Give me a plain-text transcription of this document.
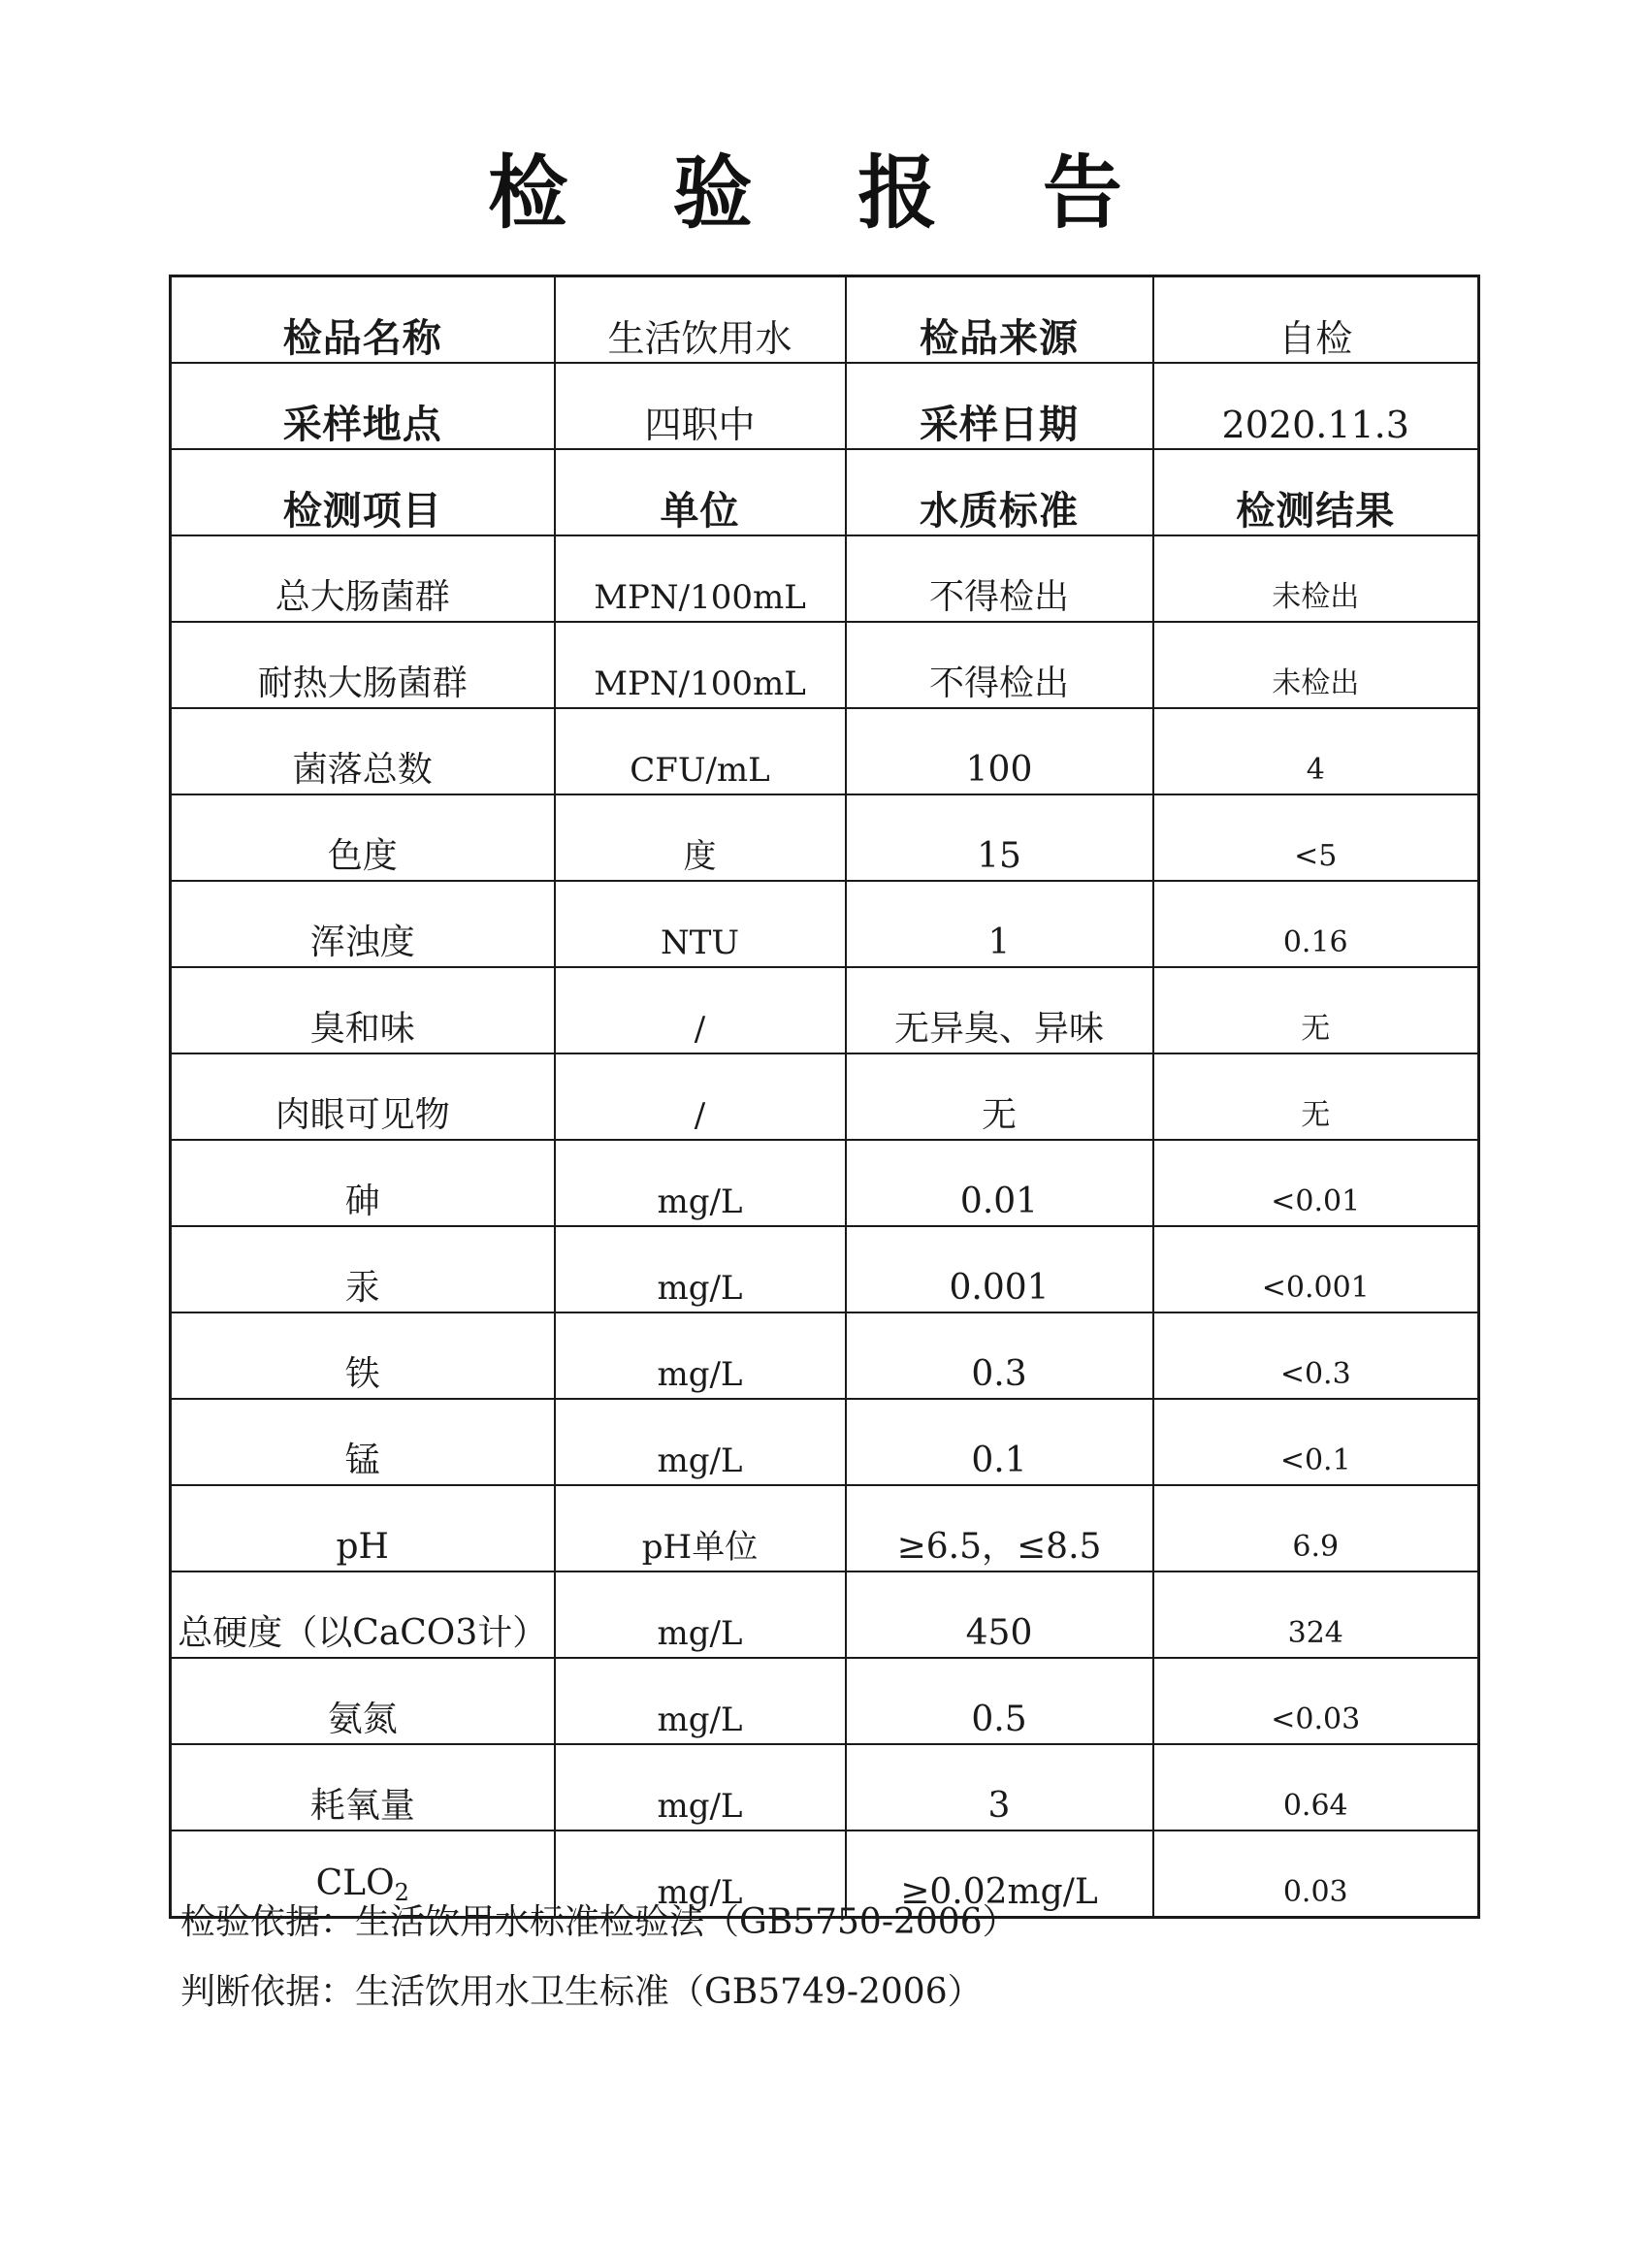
检 验 报 告
检品名称	生活饮用水	检品来源	自检
采样地点	四职中	采样日期	2020.11.3
检测项目	单位	水质标准	检测结果
总大肠菌群	MPN/100mL	不得检出	未检出
耐热大肠菌群	MPN/100mL	不得检出	未检出
菌落总数	CFU/mL	100	4
色度	度	15	<5
浑浊度	NTU	1	0.16
臭和味	/	无异臭、异味	无
肉眼可见物	/	无	无
砷	mg/L	0.01	<0.01
汞	mg/L	0.001	<0.001
铁	mg/L	0.3	<0.3
锰	mg/L	0.1	<0.1
pH	pH单位	≥6.5，≤8.5	6.9
总硬度（以CaCO3计）	mg/L	450	324
氨氮	mg/L	0.5	<0.03
耗氧量	mg/L	3	0.64
$CLO_2$	mg/L	≥0.02mg/L	0.03
检验依据：生活饮用水标准检验法（GB5750-2006）
判断依据：生活饮用水卫生标准（GB5749-2006）
